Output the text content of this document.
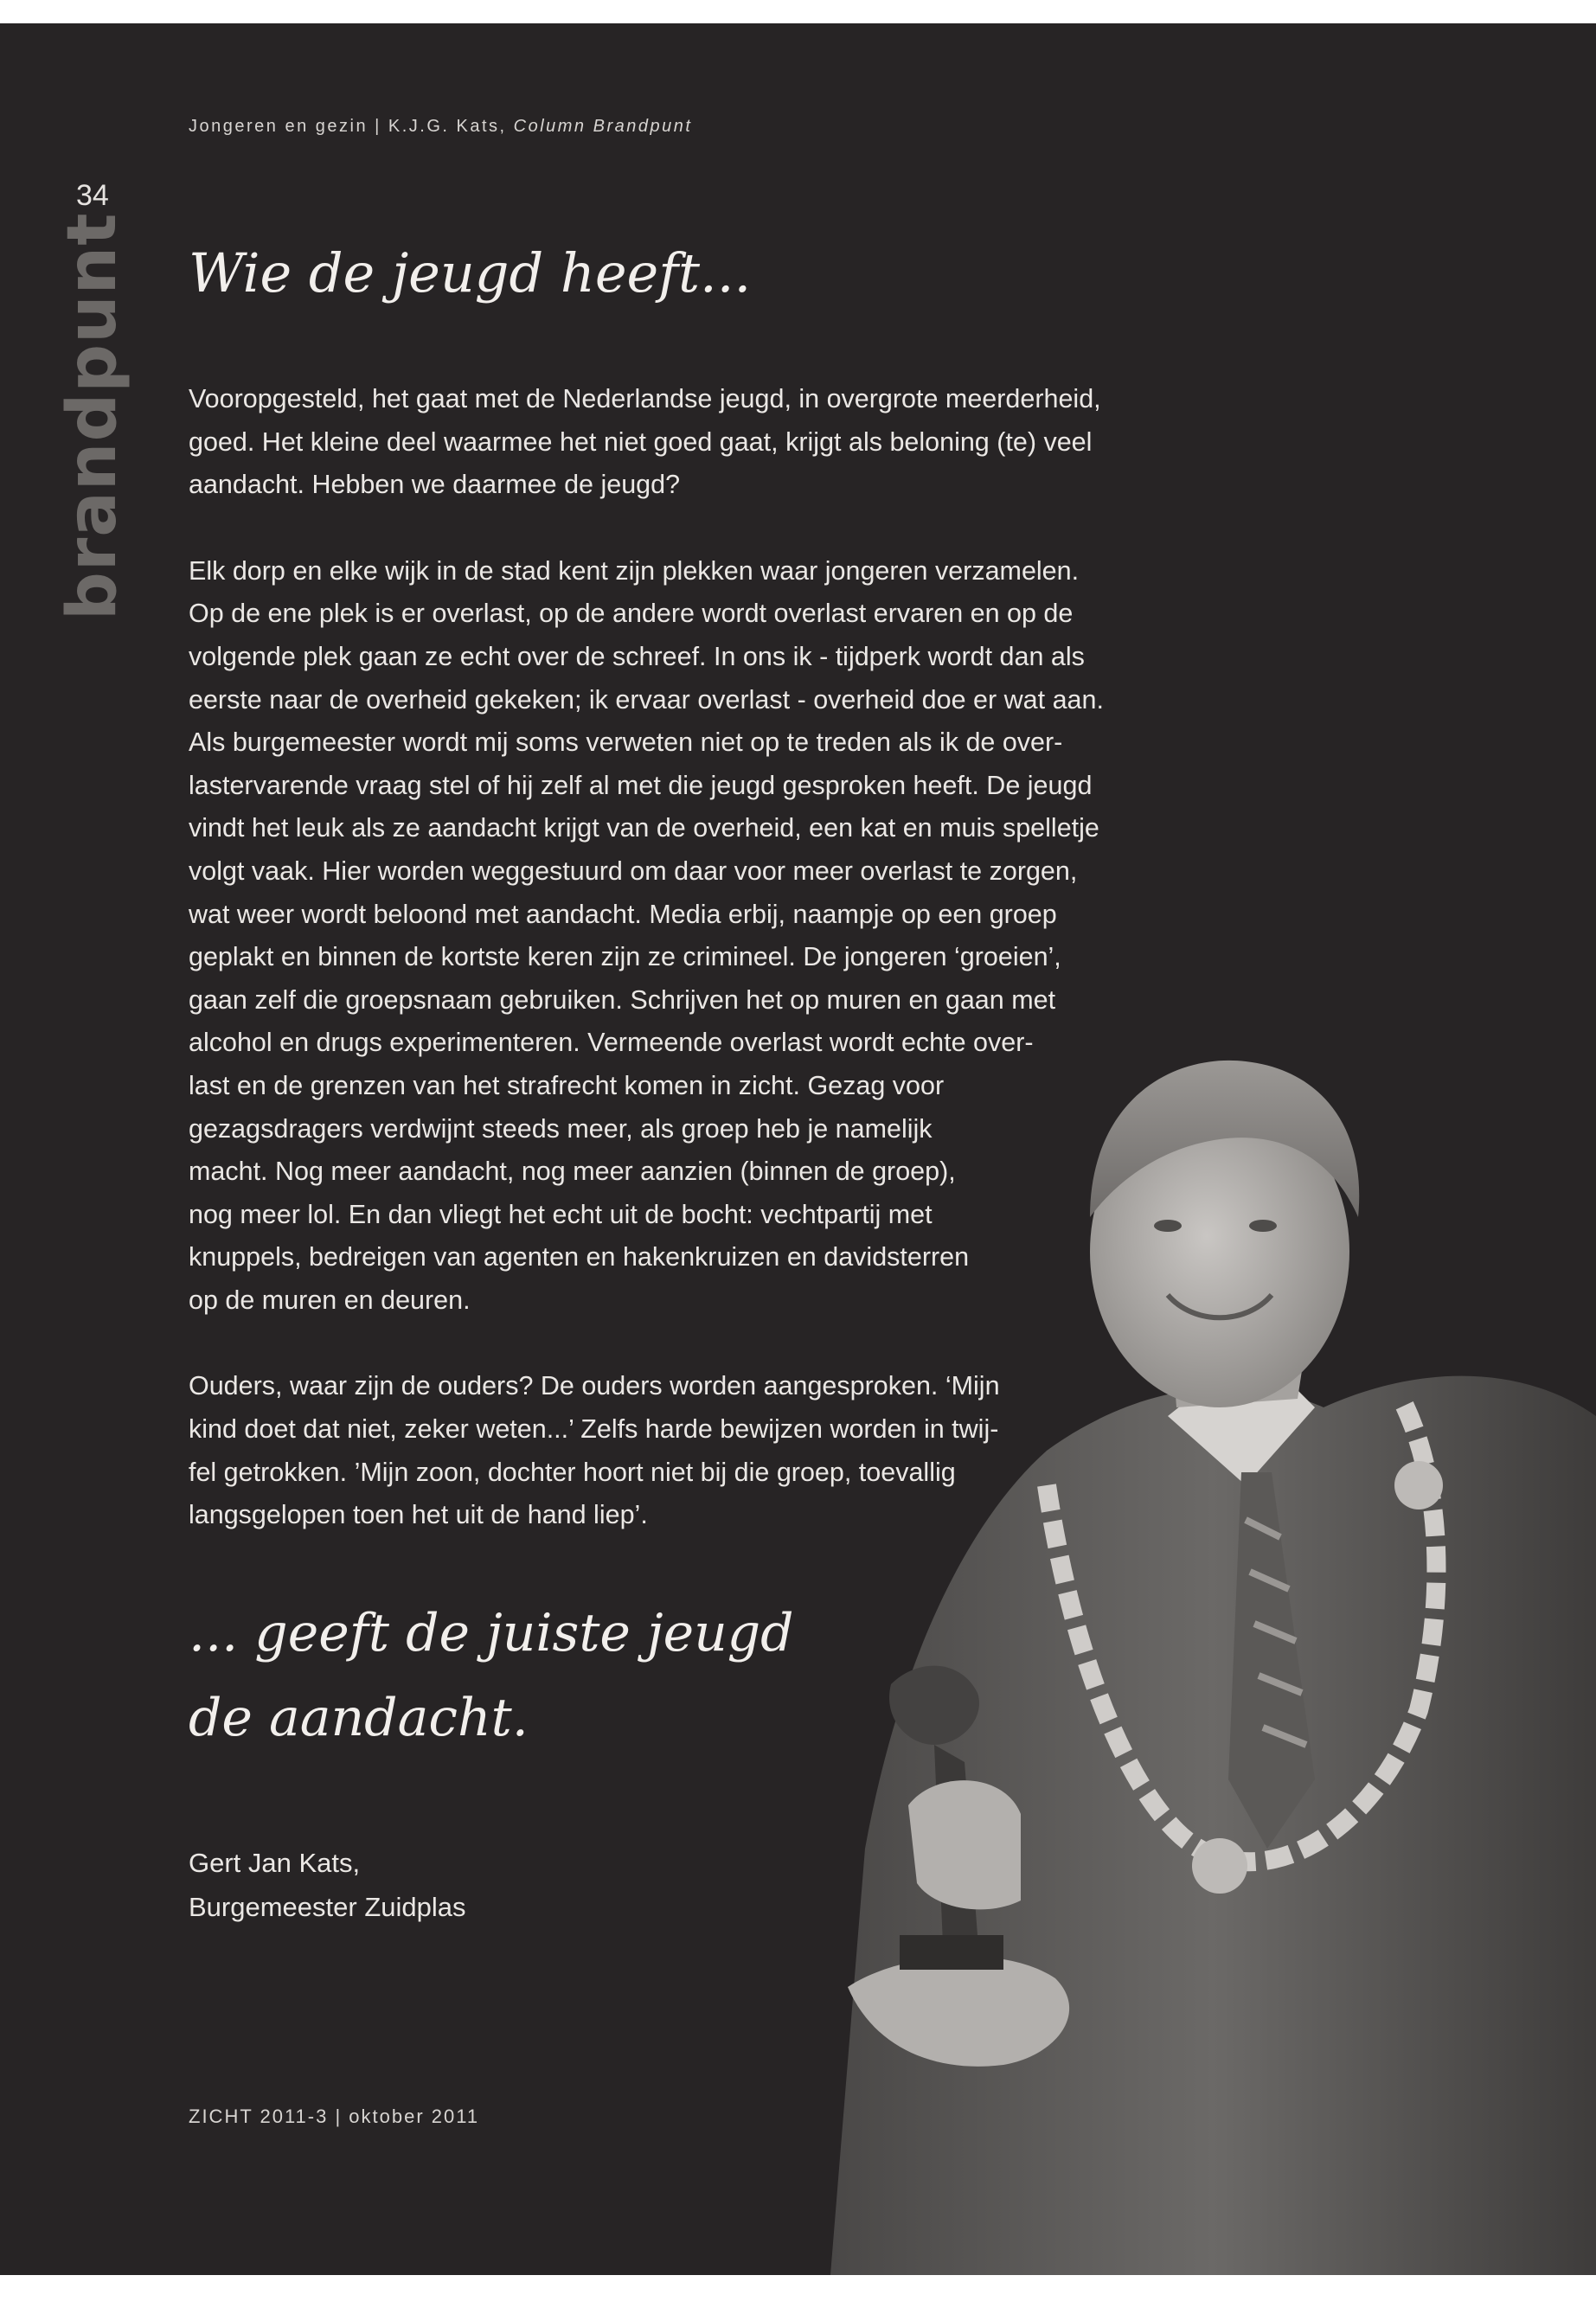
Jongeren en gezin | K.J.G. Kats, Column Brandpunt
34
brandpunt Wie de jeugd heeft...
Vooropgesteld, het gaat met de Nederlandse jeugd, in overgrote meerderheid,
goed. Het kleine deel waarmee het niet goed gaat, krijgt als beloning (te) veel
aandacht. Hebben we daarmee de jeugd?
Elk dorp en elke wijk in de stad kent zijn plekken waar jongeren verzamelen.
Op de ene plek is er overlast, op de andere wordt overlast ervaren en op de
volgende plek gaan ze echt over de schreef. In ons ik - tijdperk wordt dan als
eerste naar de overheid gekeken; ik ervaar overlast - overheid doe er wat aan.
Als burgemeester wordt mij soms verweten niet op te treden als ik de over-
lastervarende vraag stel of hij zelf al met die jeugd gesproken heeft. De jeugd
vindt het leuk als ze aandacht krijgt van de overheid, een kat en muis spelletje
volgt vaak. Hier worden weggestuurd om daar voor meer overlast te zorgen,
wat weer wordt beloond met aandacht. Media erbij, naampje op een groep
geplakt en binnen de kortste keren zijn ze crimineel. De jongeren ‘groeien’,
gaan zelf die groepsnaam gebruiken. Schrijven het op muren en gaan met
alcohol en drugs experimenteren. Vermeende overlast wordt echte over-
last en de grenzen van het strafrecht komen in zicht. Gezag voor
gezagsdragers verdwijnt steeds meer, als groep heb je namelijk
macht. Nog meer aandacht, nog meer aanzien (binnen de groep),
nog meer lol. En dan vliegt het echt uit de bocht: vechtpartij met
knuppels, bedreigen van agenten en hakenkruizen en davidsterren
op de muren en deuren.
Ouders, waar zijn de ouders? De ouders worden aangesproken. ‘Mijn
kind doet dat niet, zeker weten...’ Zelfs harde bewijzen worden in twij-
fel getrokken. ’Mijn zoon, dochter hoort niet bij die groep, toevallig
langsgelopen toen het uit de hand liep’.
... geeft de juiste jeugd
de aandacht.
Gert Jan Kats,
Burgemeester Zuidplas
ZICHT 2011-3 | oktober 2011
